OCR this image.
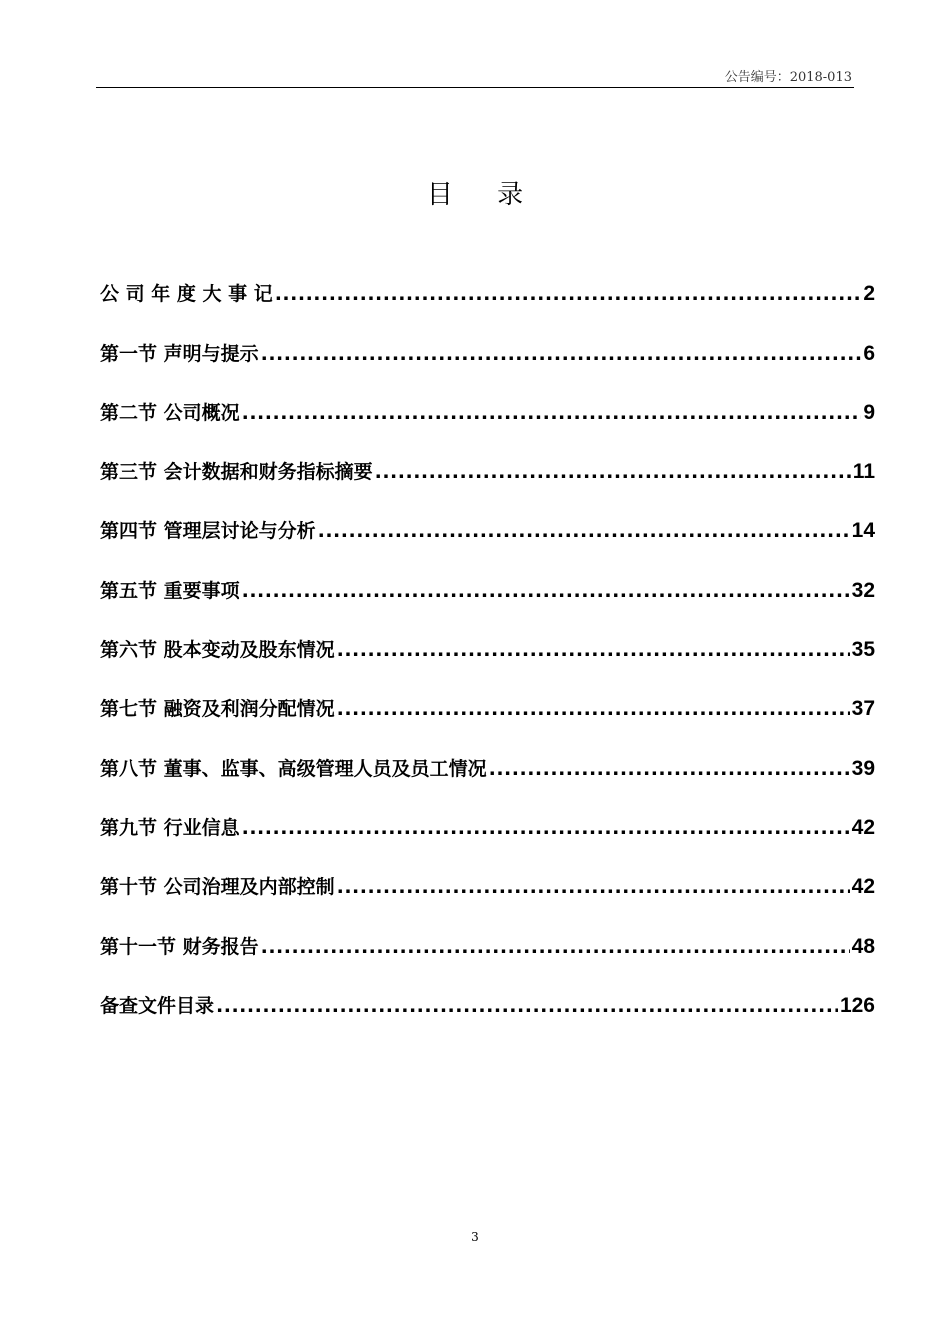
公告编号：2018-013
目 录
公 司 年 度 大 事 记 .....	2
第一节 声明与提示 .....	6
第二节 公司概况 .....	9
第三节 会计数据和财务指标摘要 .....	11
第四节 管理层讨论与分析 .....	14
第五节 重要事项 .....	32
第六节 股本变动及股东情况 .....	35
第七节 融资及利润分配情况 .....	37
第八节 董事、监事、高级管理人员及员工情况 .....	39
第九节 行业信息 .....	42
第十节 公司治理及内部控制 .....	42
第十一节 财务报告 .....	48
备查文件目录 .....	126
3
